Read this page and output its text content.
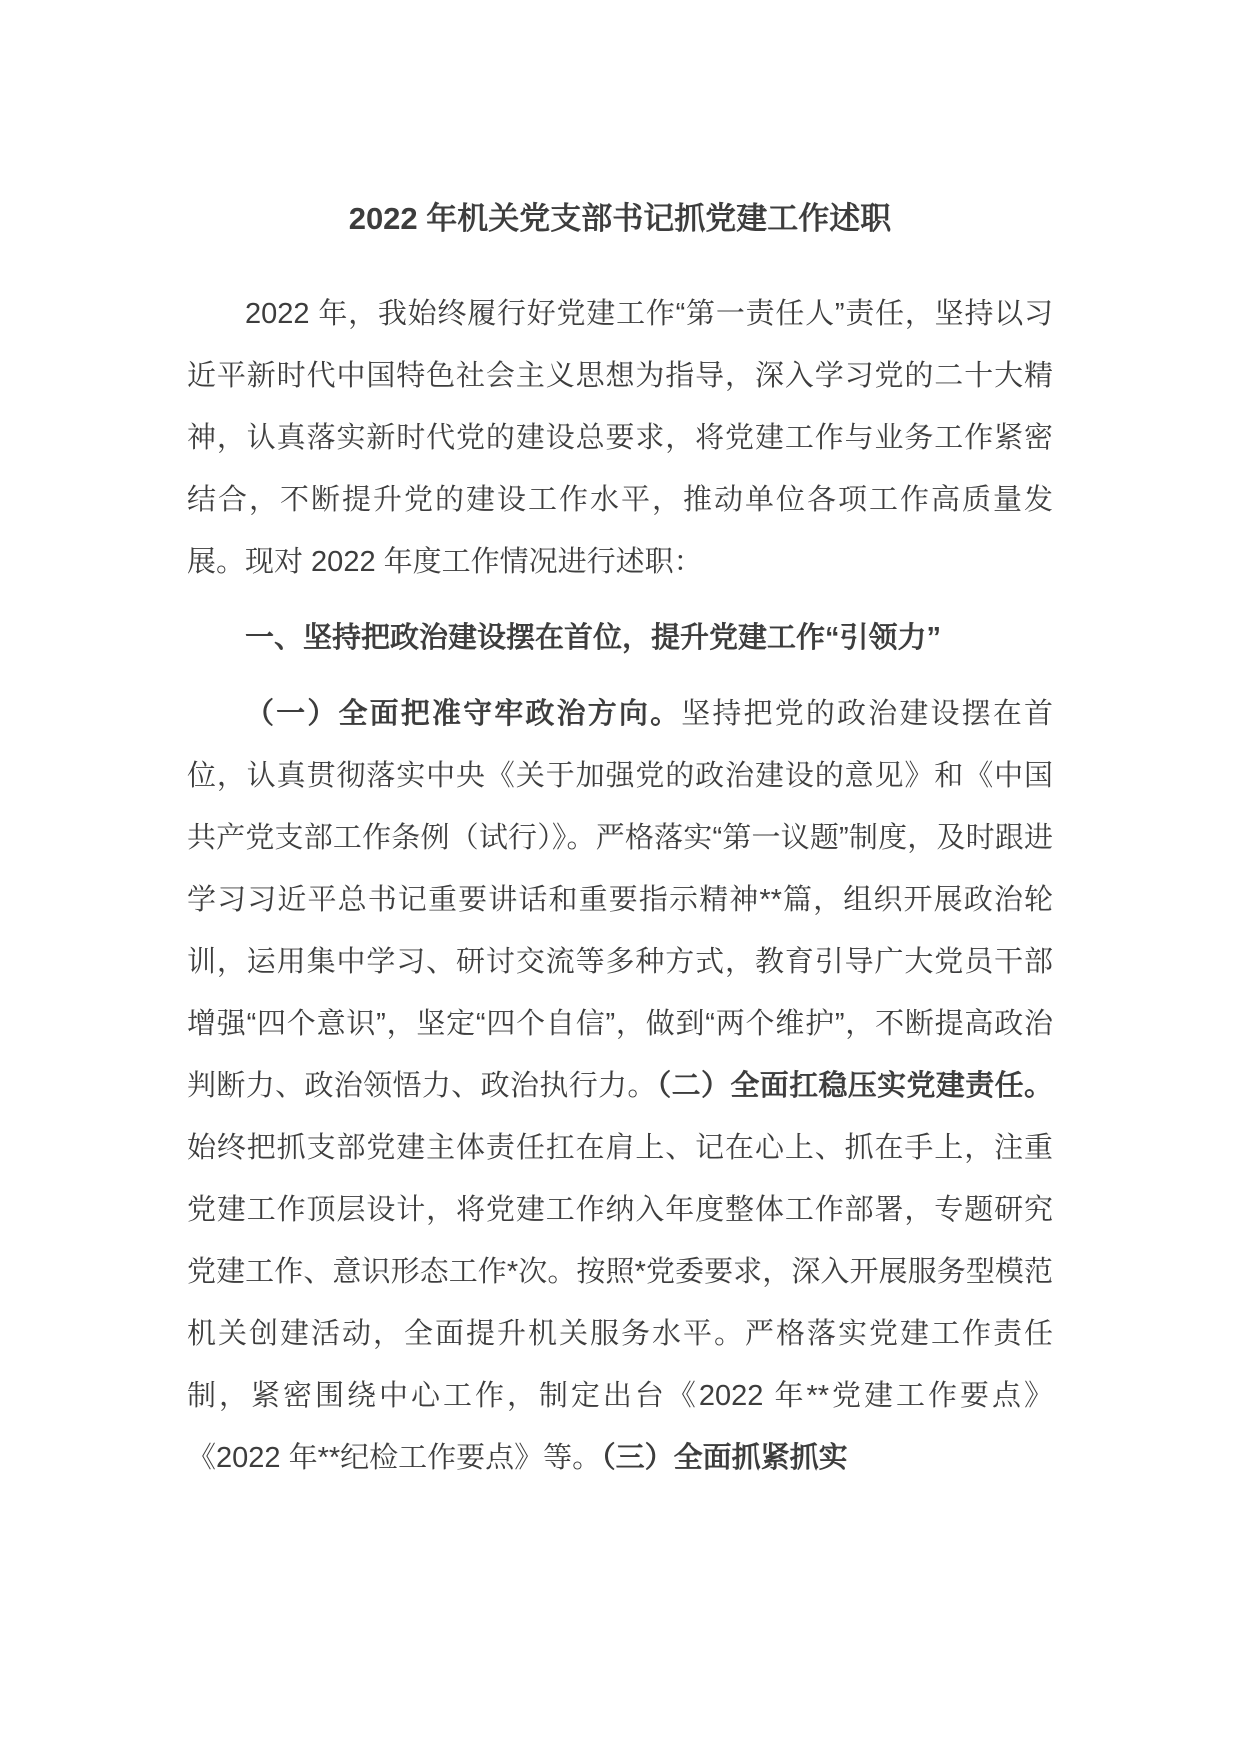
2022 年机关党支部书记抓党建工作述职

2022 年，我始终履行好党建工作“第一责任人”责任，坚持以习近平新时代中国特色社会主义思想为指导，深入学习党的二十大精神，认真落实新时代党的建设总要求，将党建工作与业务工作紧密结合，不断提升党的建设工作水平，推动单位各项工作高质量发展。现对 2022 年度工作情况进行述职：

一、坚持把政治建设摆在首位，提升党建工作“引领力”

（一）全面把准守牢政治方向。坚持把党的政治建设摆在首位，认真贯彻落实中央《关于加强党的政治建设的意见》和《中国共产党支部工作条例（试行）》。严格落实“第一议题”制度，及时跟进学习习近平总书记重要讲话和重要指示精神**篇，组织开展政治轮训，运用集中学习、研讨交流等多种方式，教育引导广大党员干部增强“四个意识”，坚定“四个自信”，做到“两个维护”，不断提高政治判断力、政治领悟力、政治执行力。（二）全面扛稳压实党建责任。始终把抓支部党建主体责任扛在肩上、记在心上、抓在手上，注重党建工作顶层设计，将党建工作纳入年度整体工作部署，专题研究党建工作、意识形态工作*次。按照*党委要求，深入开展服务型模范机关创建活动，全面提升机关服务水平。严格落实党建工作责任制，紧密围绕中心工作，制定出台《2022 年**党建工作要点》《2022 年**纪检工作要点》等。（三）全面抓紧抓实
